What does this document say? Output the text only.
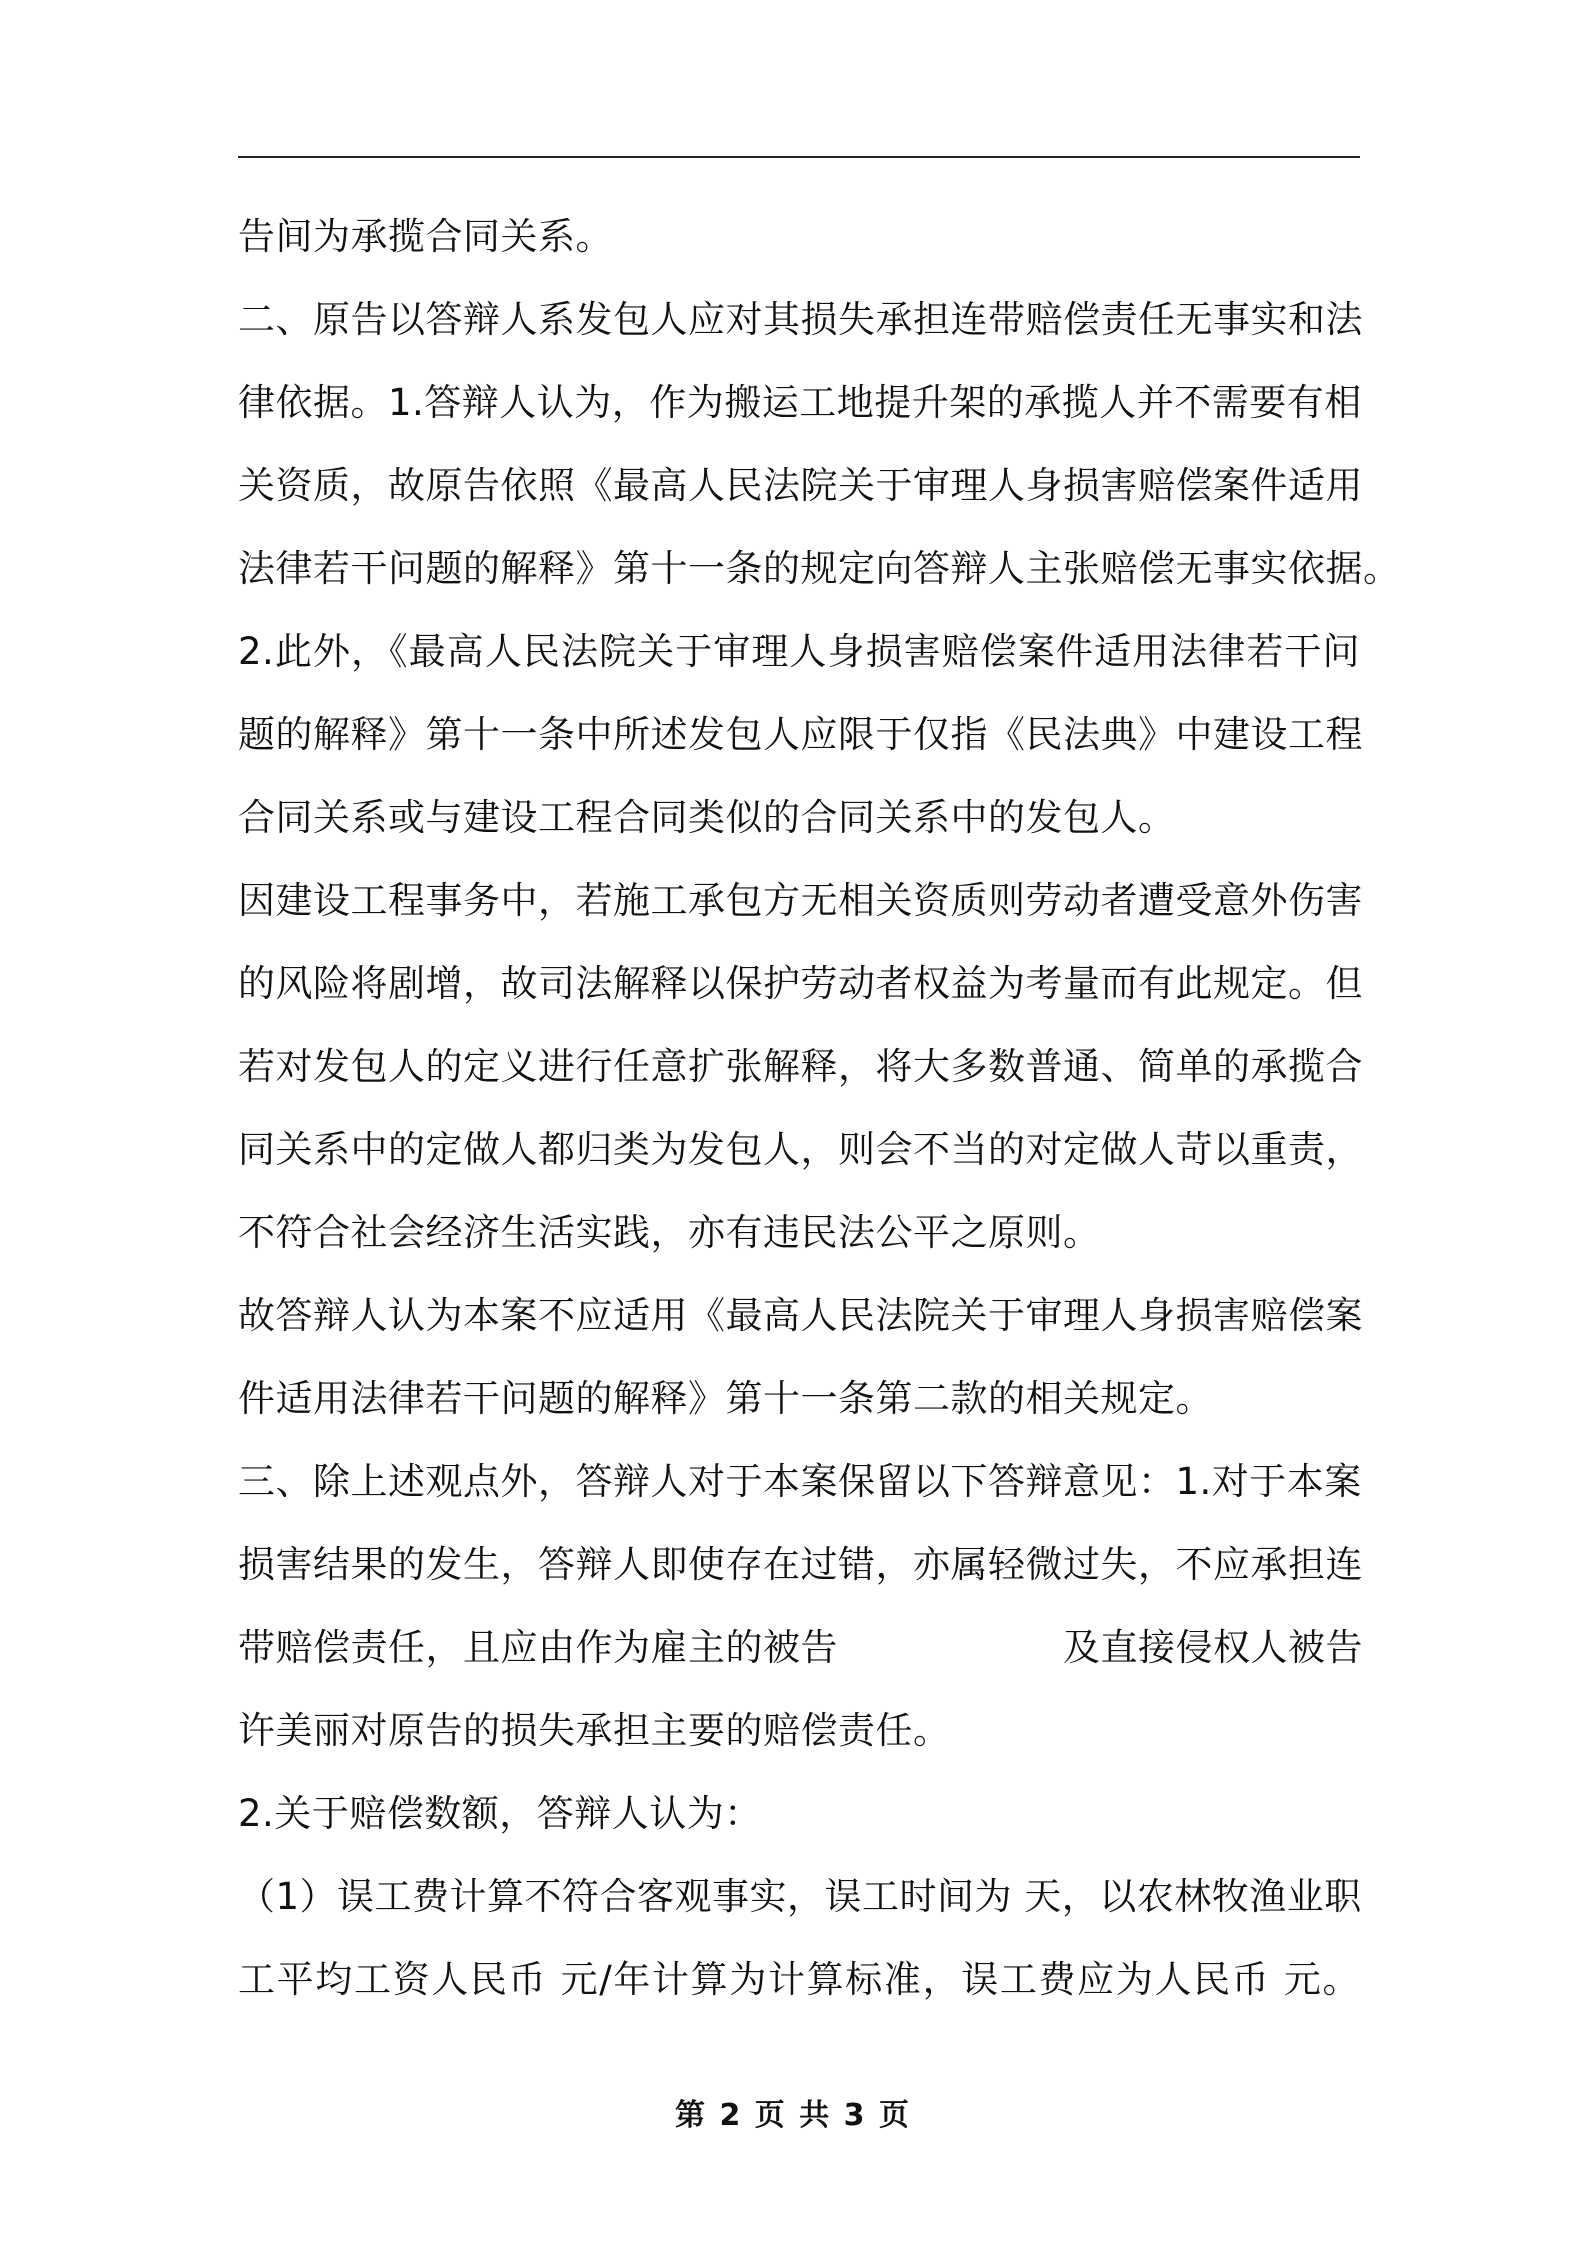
告间为承揽合同关系。
二、原告以答辩人系发包人应对其损失承担连带赔偿责任无事实和法
律依据。1.答辩人认为，作为搬运工地提升架的承揽人并不需要有相
关资质，故原告依照《最高人民法院关于审理人身损害赔偿案件适用
法律若干问题的解释》第十一条的规定向答辩人主张赔偿无事实依据。
2.此外，《最高人民法院关于审理人身损害赔偿案件适用法律若干问
题的解释》第十一条中所述发包人应限于仅指《民法典》中建设工程
合同关系或与建设工程合同类似的合同关系中的发包人。
因建设工程事务中，若施工承包方无相关资质则劳动者遭受意外伤害
的风险将剧增，故司法解释以保护劳动者权益为考量而有此规定。但
若对发包人的定义进行任意扩张解释，将大多数普通、简单的承揽合
同关系中的定做人都归类为发包人，则会不当的对定做人苛以重责，
不符合社会经济生活实践，亦有违民法公平之原则。
故答辩人认为本案不应适用《最高人民法院关于审理人身损害赔偿案
件适用法律若干问题的解释》第十一条第二款的相关规定。
三、除上述观点外，答辩人对于本案保留以下答辩意见：1.对于本案
损害结果的发生，答辩人即使存在过错，亦属轻微过失，不应承担连
带赔偿责任，且应由作为雇主的被告　　　　　　及直接侵权人被告
许美丽对原告的损失承担主要的赔偿责任。
2.关于赔偿数额，答辩人认为：
（1）误工费计算不符合客观事实，误工时间为 天，以农林牧渔业职
工平均工资人民币 元/年计算为计算标准，误工费应为人民币 元。
第 2 页 共 3 页
